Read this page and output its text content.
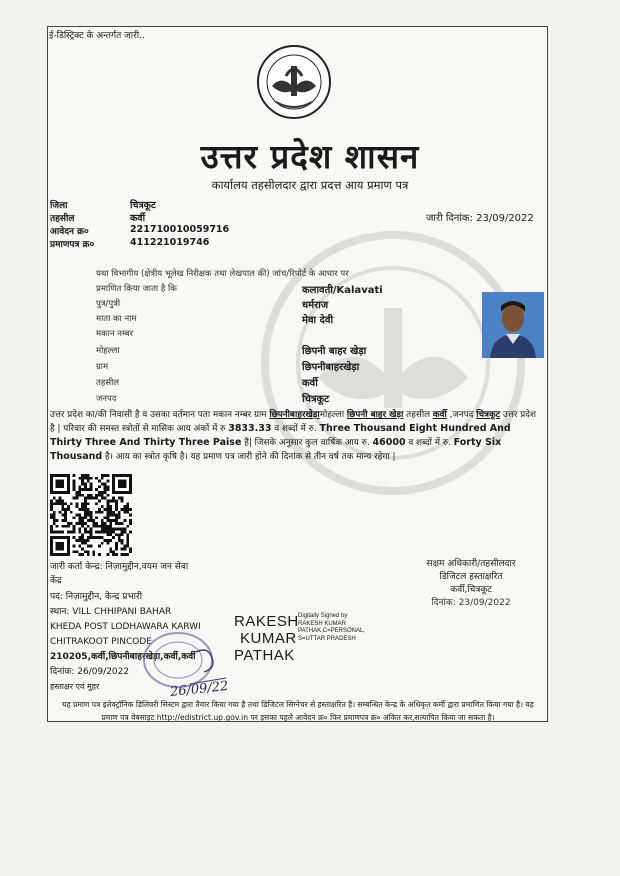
ई-डिस्ट्रिक्ट के अन्तर्गत जारी..
उत्तर प्रदेश शासन
कार्यालय तहसीलदार द्वारा प्रदत्त आय प्रमाण पत्र
जिला	चित्रकूट
तहसील	कर्वी
आवेदन क्र०	221710010059716
प्रमाणपत्र क्र०	411221019746
जारी दिनांक: 23/09/2022
यथा विभागीय (क्षेत्रीय भूलेख निरीक्षक तथा लेखपाल की) जांच/रिपोर्ट के आधार पर
प्रमाणित किया जाता है कि	कलावती/Kalavati
पुत्र/पुत्री	धर्मराज
माता का नाम	मेवा देवी
मकान नम्बर
मोहल्ला	छिपनी बाहर खेड़ा
ग्राम	छिपनीबाहरखेड़ा
तहसील	कर्वी
जनपद	चित्रकूट
उत्तर प्रदेश का/की निवासी है व उसका वर्तमान पता मकान नम्बर ग्राम छिपनीबाहरखेड़ामोहल्ला छिपनी बाहर खेड़ा तहसील कर्वी ,जनपद चित्रकूट उत्तर प्रदेश है | परिवार की समस्त स्त्रोतों से मासिक आय अंकों में रु 3833.33 व शब्दों में रु. Three Thousand Eight Hundred And Thirty Three And Thirty Three Paise है| जिसके अनुसार कुल वार्षिक आय रु. 46000 व शब्दों में रु. Forty Six Thousand है। आय का स्त्रोत कृषि है। यह प्रमाण पत्र जारी होने की दिनांक से तीन वर्ष तक मान्य रहेगा |
जारी कर्ता केन्द्र: निज़ामुद्दीन,वयम जन सेवा
केंद्र
पद: निज़ामुद्दीन, केन्द्र प्रभारी
स्थान: VILL CHHIPANI BAHAR
KHEDA POST LODHAWARA KARWI
CHITRAKOOT PINCODE
210205,कर्वी,छिपनीबाहरखेड़ा,कर्वी,कर्वी
दिनांक: 26/09/2022
हस्ताक्षर एवं मुहर
RAKESH
KUMAR
PATHAK
Digitally Signed by
RAKESH KUMAR
PATHAK,C=PERSONAL,
S=UTTAR PRADESH
सक्षम अधिकारी/तहसीलदार
डिजिटल हस्ताक्षरित
कर्वी,चित्रकूट
दिनांक: 23/09/2022
26/09/22
यह प्रमाण पत्र इलेक्ट्रॉनिक डिलिवरी सिस्टम द्वारा तैयार किया गया है तथा डिजिटल सिग्नेचर से हस्ताक्षरित है। सम्बन्धित केन्द्र के अधिकृत कर्मी द्वारा प्रमाणित किया गया है। यह
प्रमाण पत्र वेबसाइट http://edistrict.up.gov.in पर इसका पहले आवेदन क्र० फिर प्रमाणपत्र क्र० अंकित कर,सत्यापित किया जा सकता है।
